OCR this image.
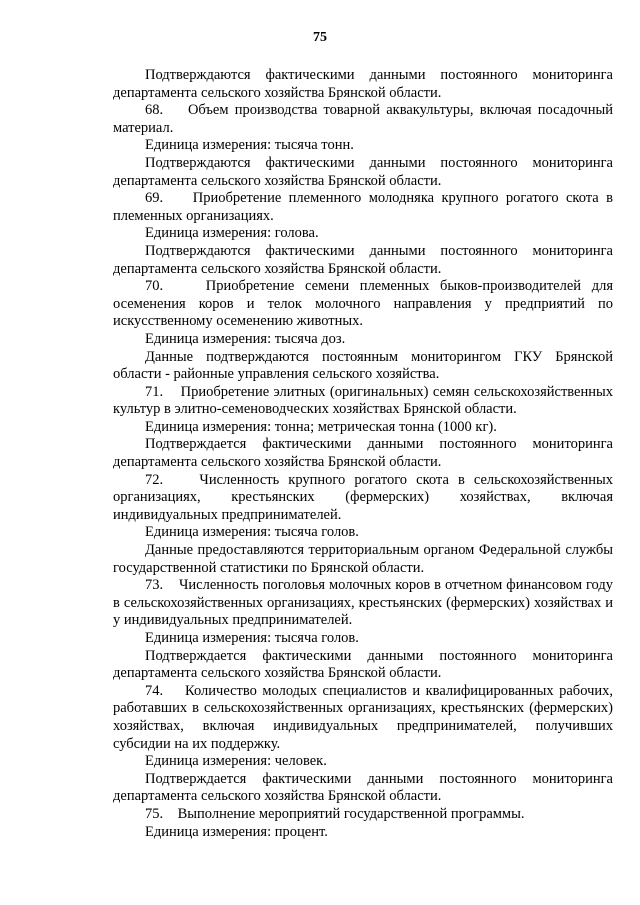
75

Подтверждаются фактическими данными постоянного мониторинга департамента сельского хозяйства Брянской области.

68.    Объем производства товарной аквакультуры, включая посадочный материал.

Единица измерения: тысяча тонн.

Подтверждаются фактическими данными постоянного мониторинга департамента сельского хозяйства Брянской области.

69.    Приобретение племенного молодняка крупного рогатого скота в племенных организациях.

Единица измерения: голова.

Подтверждаются фактическими данными постоянного мониторинга департамента сельского хозяйства Брянской области.

70.    Приобретение семени племенных быков-производителей для осеменения коров и телок молочного направления у предприятий по искусственному осеменению животных.

Единица измерения: тысяча доз.

Данные подтверждаются постоянным мониторингом ГКУ Брянской области - районные управления сельского хозяйства.

71.    Приобретение элитных (оригинальных) семян сельскохозяйственных культур в элитно-семеноводческих хозяйствах Брянской области.

Единица измерения: тонна; метрическая тонна (1000 кг).

Подтверждается фактическими данными постоянного мониторинга департамента сельского хозяйства Брянской области.

72.    Численность крупного рогатого скота в сельскохозяйственных организациях, крестьянских (фермерских) хозяйствах, включая индивидуальных предпринимателей.

Единица измерения: тысяча голов.

Данные предоставляются территориальным органом Федеральной службы государственной статистики по Брянской области.

73.    Численность поголовья молочных коров в отчетном финансовом году в сельскохозяйственных организациях, крестьянских (фермерских) хозяйствах и у индивидуальных предпринимателей.

Единица измерения: тысяча голов.

Подтверждается фактическими данными постоянного мониторинга департамента сельского хозяйства Брянской области.

74.    Количество молодых специалистов и квалифицированных рабочих, работавших в сельскохозяйственных организациях, крестьянских (фермерских) хозяйствах, включая индивидуальных предпринимателей, получивших субсидии на их поддержку.

Единица измерения: человек.

Подтверждается фактическими данными постоянного мониторинга департамента сельского хозяйства Брянской области.

75.    Выполнение мероприятий государственной программы.

Единица измерения: процент.
